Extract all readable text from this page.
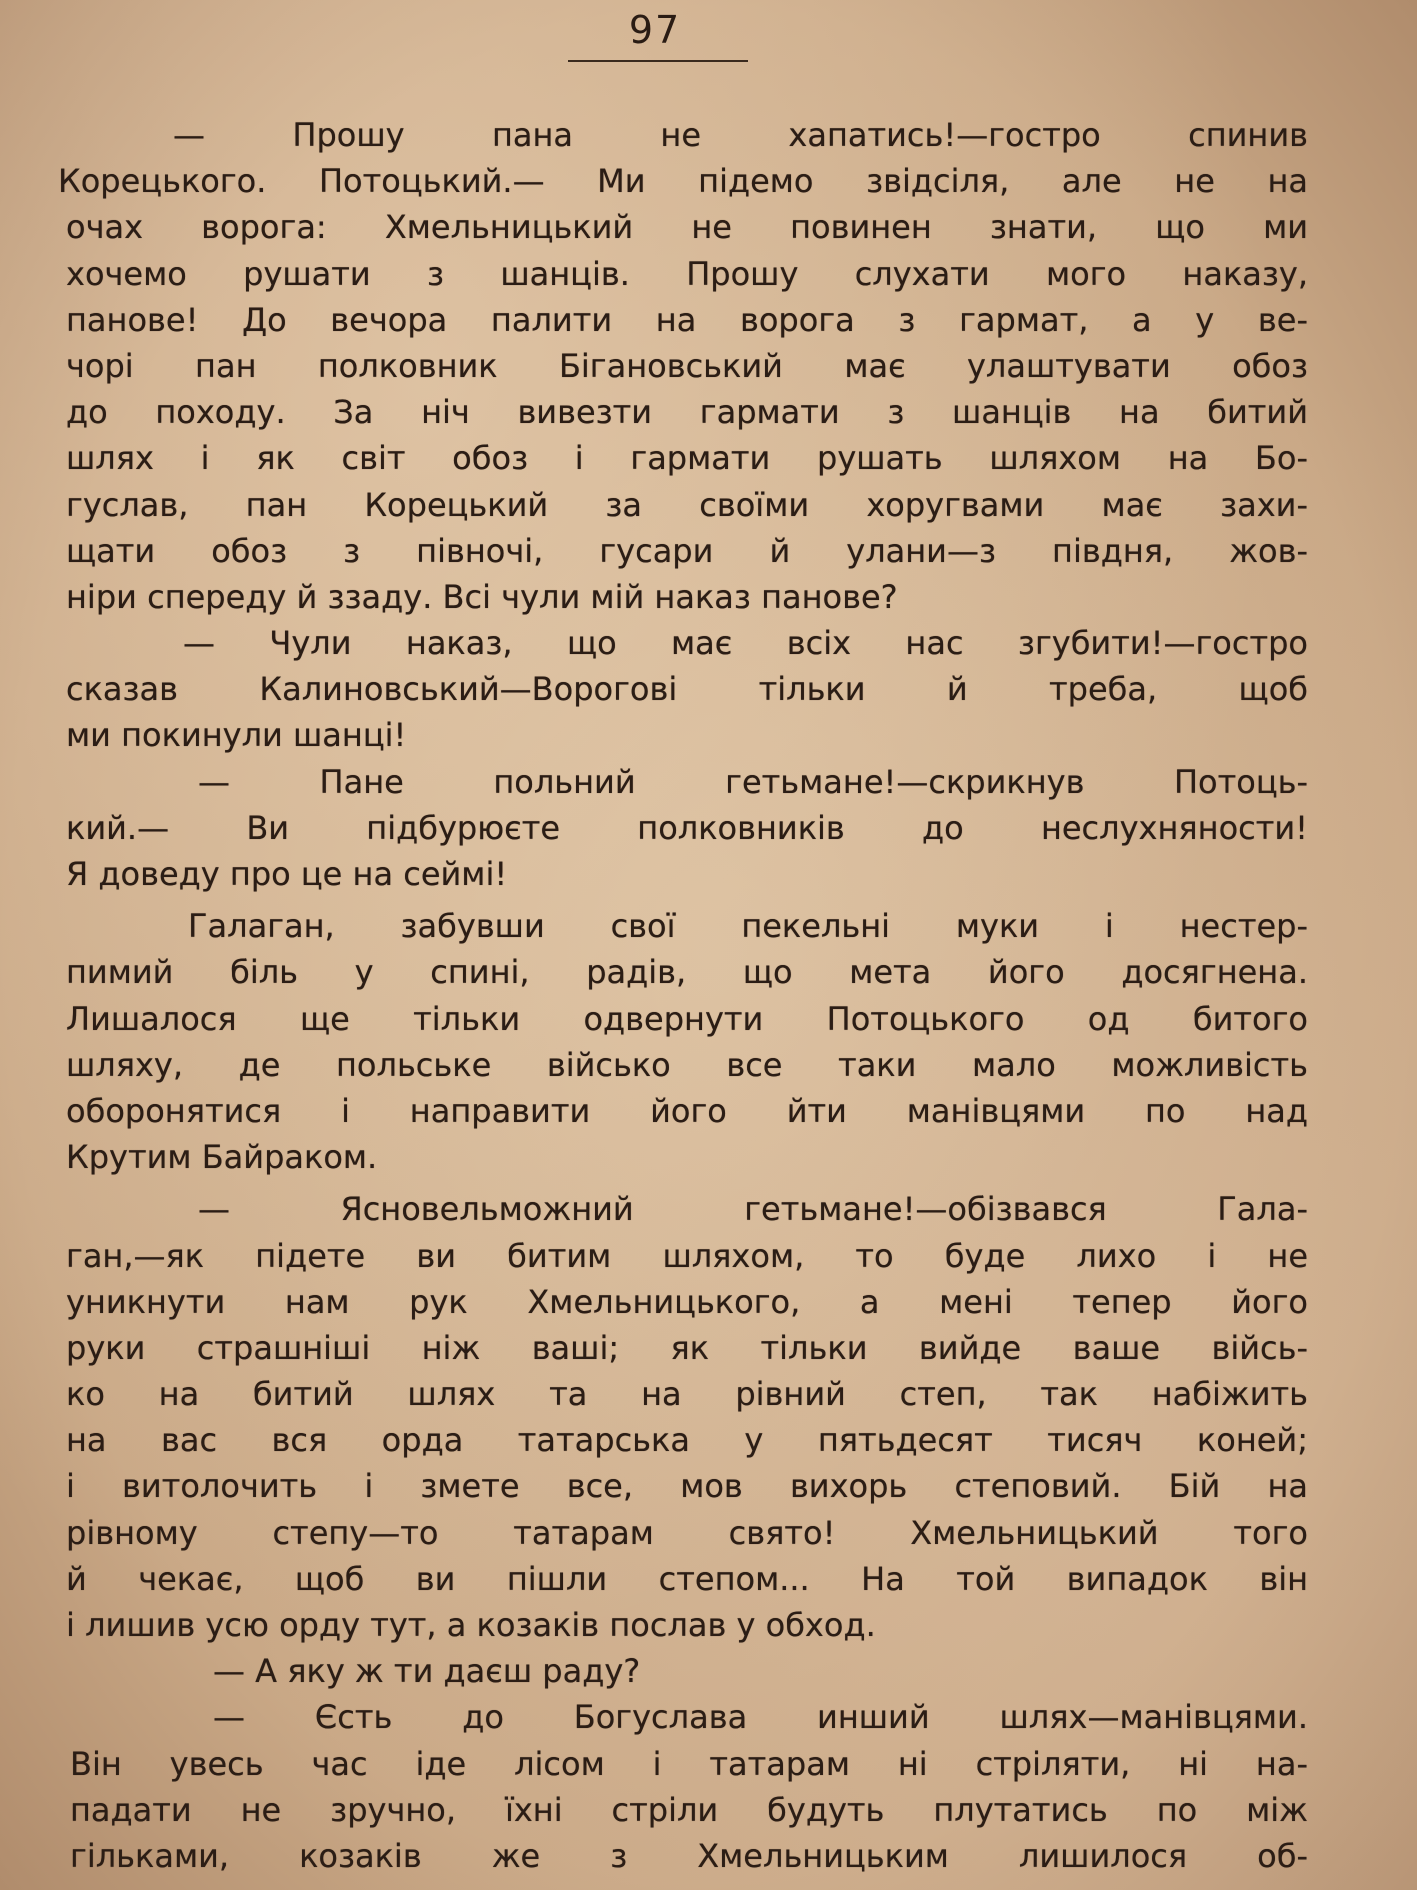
97
— Прошу пана не хапатись!—гостро спинив
Корецького. Потоцький.— Ми підемо звідсіля, але не на
очах ворога: Хмельницький не повинен знати, що ми
хочемо рушати з шанців. Прошу слухати мого наказу,
панове! До вечора палити на ворога з гармат, а у ве-
чорі пан полковник Бігановський має улаштувати обоз
до походу. За ніч вивезти гармати з шанців на битий
шлях і як світ обоз і гармати рушать шляхом на Бо-
гуслав, пан Корецький за своїми хоругвами має захи-
щати обоз з півночі, гусари й улани—з півдня, жов-
ніри спереду й ззаду. Всі чули мій наказ панове?
— Чули наказ, що має всіх нас згубити!—гостро
сказав Калиновський—Ворогові тільки й треба, щоб
ми покинули шанці!
— Пане польний гетьмане!—скрикнув Потоць-
кий.— Ви підбурюєте полковників до неслухняности!
Я доведу про це на сеймі!
Галаган, забувши свої пекельні муки і нестер-
пимий біль у спині, радів, що мета його досягнена.
Лишалося ще тільки одвернути Потоцького од битого
шляху, де польське військо все таки мало можливість
оборонятися і направити його йти манівцями по над
Крутим Байраком.
— Ясновельможний гетьмане!—обізвався Гала-
ган,—як підете ви битим шляхом, то буде лихо і не
уникнути нам рук Хмельницького, а мені тепер його
руки страшніші ніж ваші; як тільки вийде ваше війсь-
ко на битий шлях та на рівний степ, так набіжить
на вас вся орда татарська у пятьдесят тисяч коней;
і витолочить і змете все, мов вихорь степовий. Бій на
рівному степу—то татарам свято! Хмельницький того
й чекає, щоб ви пішли степом... На той випадок він
і лишив усю орду тут, а козаків послав у обход.
— А яку ж ти даєш раду?
— Єсть до Богуслава инший шлях—манівцями.
Він увесь час іде лісом і татарам ні стріляти, ні на-
падати не зручно, їхні стріли будуть плутатись по між
гільками, козаків же з Хмельницьким лишилося об-
